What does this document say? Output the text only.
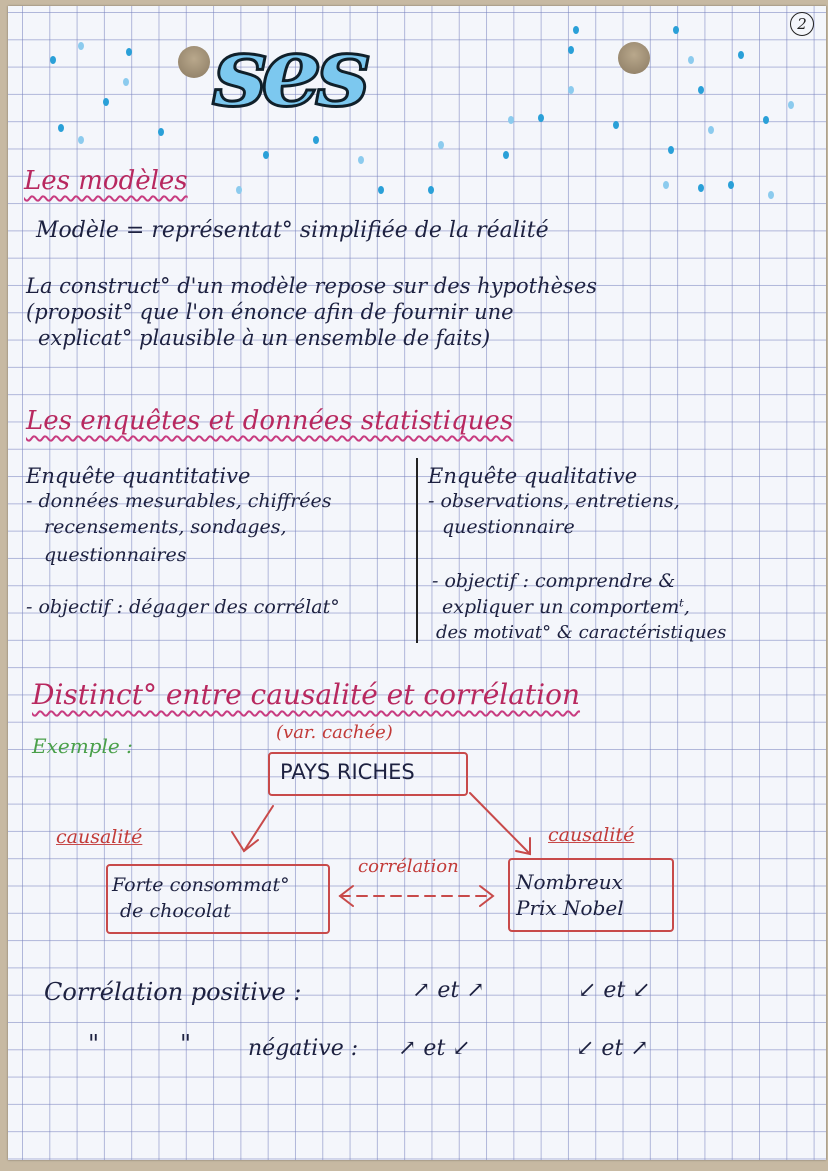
ses	2
Les modèles
Modèle = représentat° simplifiée de la réalité
La construct° d'un modèle repose sur des hypothèses
(proposit° que l'on énonce afin de fournir une
explicat° plausible à un ensemble de faits)
Les enquêtes et données statistiques
Enquête quantitative
- données mesurables, chiffrées
recensements, sondages,
questionnaires
- objectif : dégager des corrélat°
Enquête qualitative
- observations, entretiens,
questionnaire
- objectif : comprendre &
expliquer un comportemᵗ,
des motivat° & caractéristiques
Distinct° entre causalité et corrélation
Exemple :
(var. cachée)
PAYS RICHES
causalité	causalité
corrélation
Forte consommat°
de chocolat
Nombreux
Prix Nobel
Corrélation positive :	↗ et ↗	↙ et ↙
"	"	négative : ↗ et ↙	↙ et ↗
